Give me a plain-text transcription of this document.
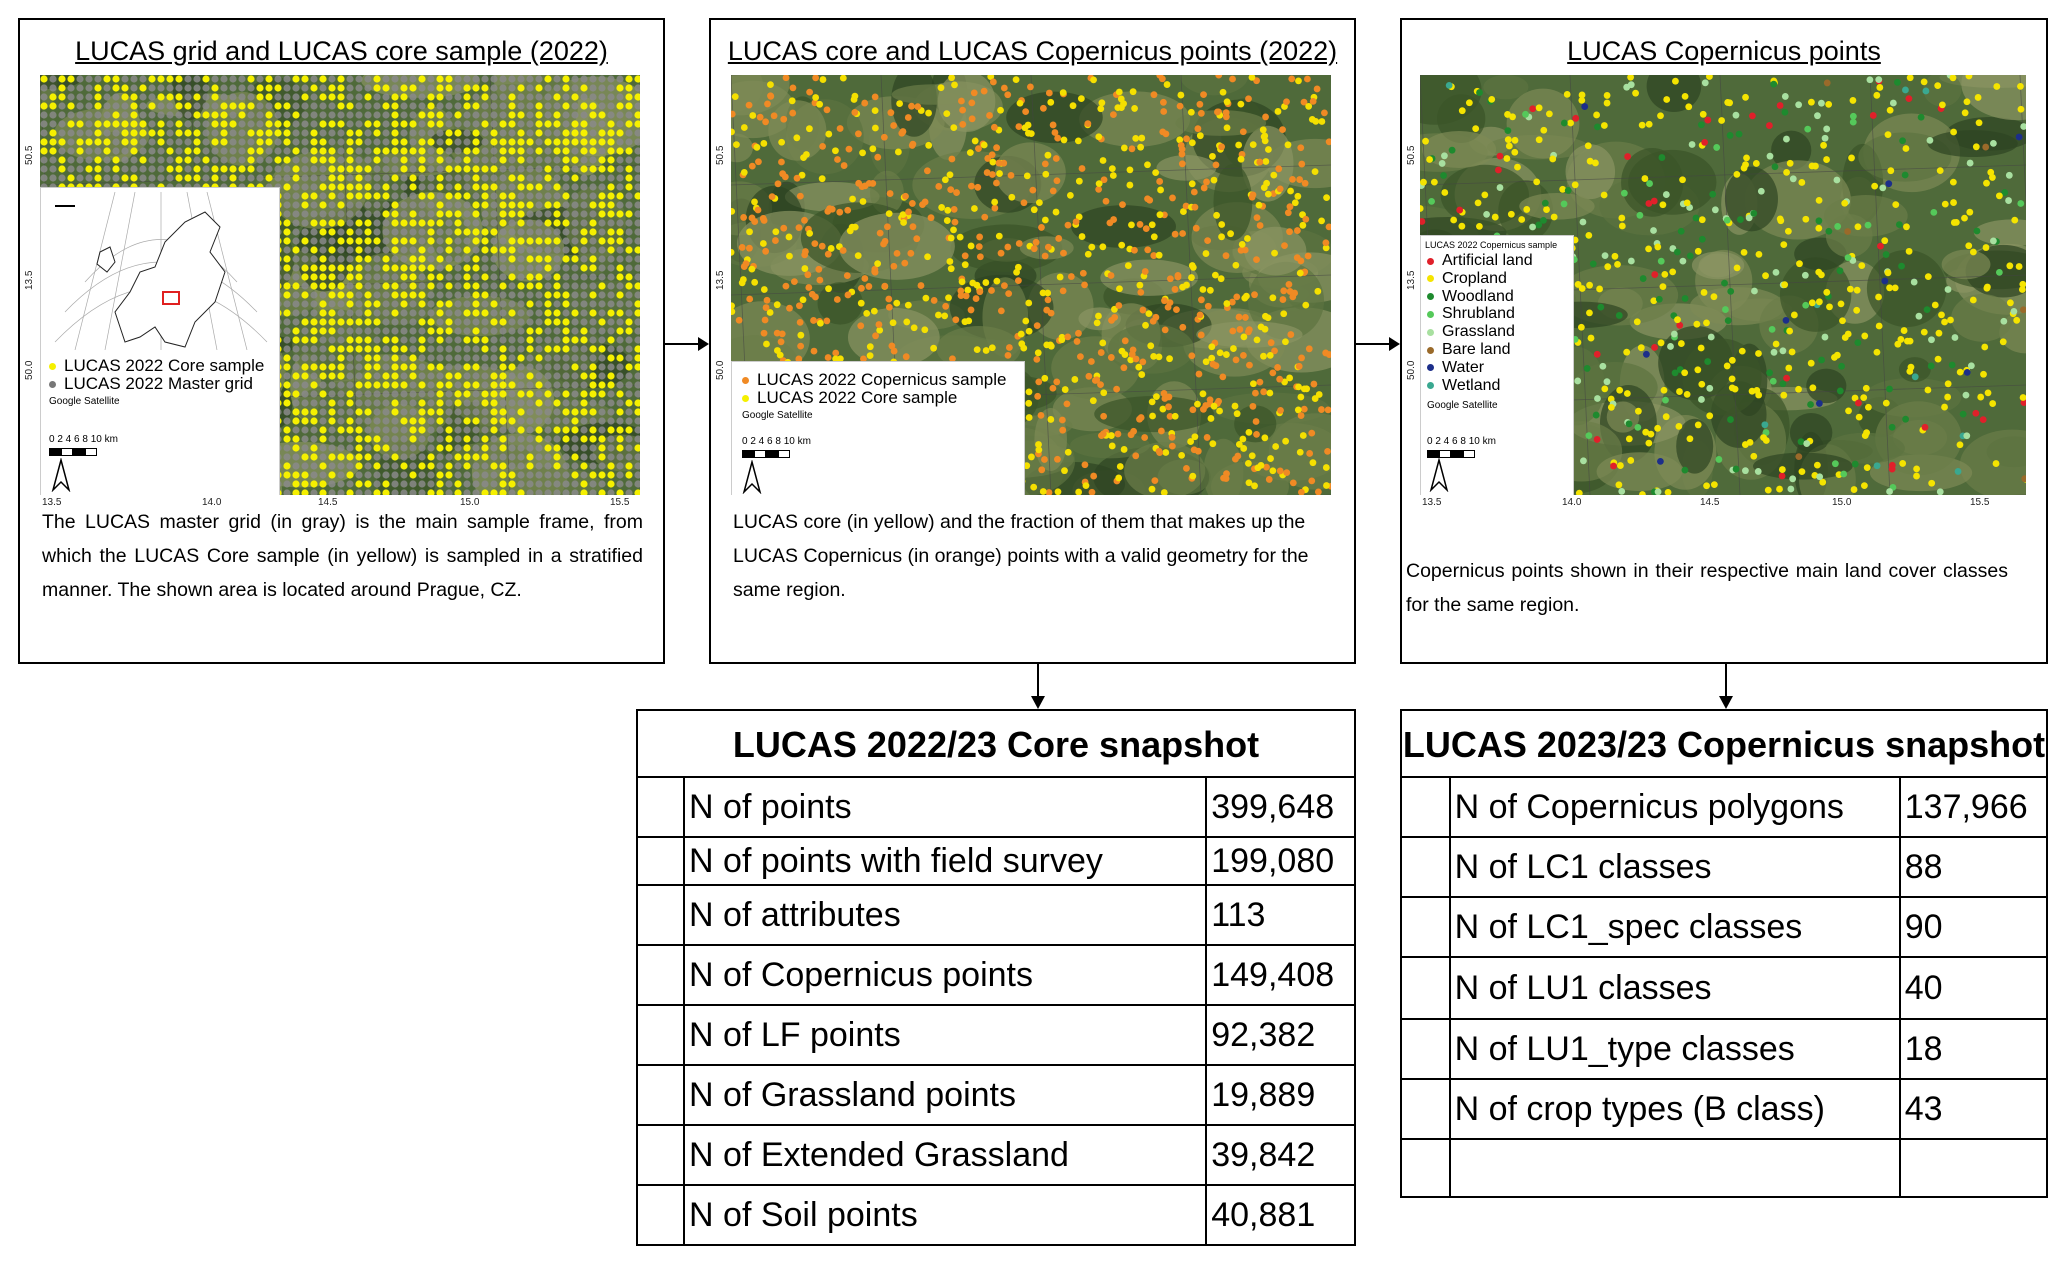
LUCAS grid and LUCAS core sample (2022)
LUCAS 2022 Core sample
LUCAS 2022 Master grid
Google Satellite
0 2 4 6 8 10 km
50.5
13.5
50.0
13.5	14.0	14.5	15.0	15.5
The LUCAS master grid (in gray) is the main sample frame, from which the LUCAS Core sample (in yellow) is sampled in a stratified manner. The shown area is located around Prague, CZ.
LUCAS core and LUCAS Copernicus points (2022)
LUCAS 2022 Copernicus sample
LUCAS 2022 Core sample
Google Satellite
0 2 4 6 8 10 km
50.5
13.5
50.0
LUCAS core (in yellow) and the fraction of them that makes up the LUCAS Copernicus (in orange) points with a valid geometry for the same region.
LUCAS Copernicus points
LUCAS 2022 Copernicus sample
Artificial land
Cropland
Woodland
Shrubland
Grassland
Bare land
Water
Wetland
Google Satellite
0 2 4 6 8 10 km
50.5
13.5
50.0
13.5	14.0	14.5	15.0	15.5
Copernicus points shown in their respective main land cover classes for the same region.
LUCAS 2022/23 Core snapshot
	N of points	399,648
	N of points with field survey	199,080
	N of attributes	113
	N of Copernicus points	149,408
	N of LF points	92,382
	N of Grassland points	19,889
	N of Extended Grassland	39,842
	N of Soil points	40,881
LUCAS 2023/23 Copernicus snapshot
	N of Copernicus polygons	137,966
	N of LC1 classes	88
	N of LC1_spec classes	90
	N of LU1 classes	40
	N of LU1_type classes	18
	N of crop types (B class)	43
